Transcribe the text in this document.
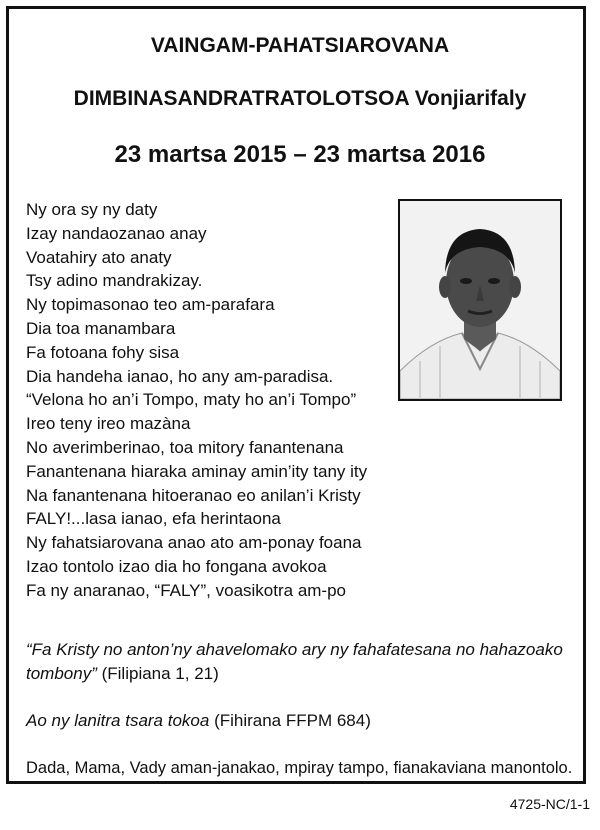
VAINGAM-PAHATSIAROVANA
DIMBINASANDRATRATOLOTSOA Vonjiarifaly
23 martsa 2015 – 23 martsa 2016
Ny ora sy ny daty
Izay nandaozanao anay
Voatahiry ato anaty
Tsy adino mandrakizay.
Ny topimasonao teo am-parafara
Dia toa manambara
Fa fotoana fohy sisa
Dia handeha ianao, ho any am-paradisa.
“Velona ho an’i Tompo, maty ho an’i Tompo”
Ireo teny ireo mazàna
No averimberinao, toa mitory fanantenana
Fanantenana hiaraka aminay amin’ity tany ity
Na fanantenana hitoeranao eo anilan’i Kristy
FALY!...lasa ianao, efa herintaona
Ny fahatsiarovana anao ato am-ponay foana
Izao tontolo izao dia ho fongana avokoa
Fa ny anaranao, “FALY”, voasikotra am-po
“Fa Kristy no anton’ny ahavelomako ary ny fahafatesana no hahazoako tombony” (Filipiana 1, 21)
Ao ny lanitra tsara tokoa (Fihirana FFPM 684)
Dada, Mama, Vady aman-janakao, mpiray tampo, fianakaviana manontolo.
4725-NC/1-1
